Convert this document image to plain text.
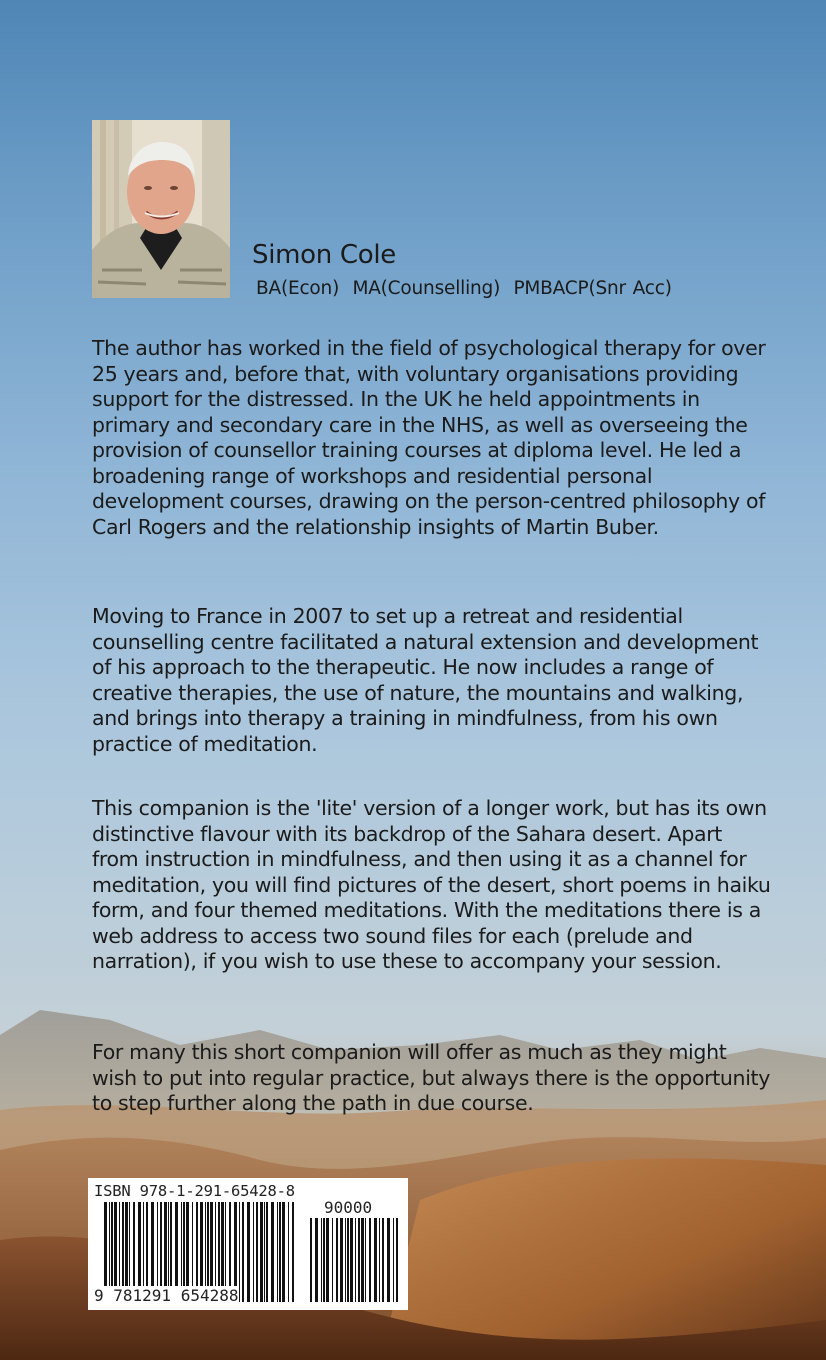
Simon Cole
BA(Econ)  MA(Counselling)  PMBACP(Snr Acc)

The author has worked in the field of psychological therapy for over 25 years and, before that, with voluntary organisations providing support for the distressed. In the UK he held appointments in primary and secondary care in the NHS, as well as overseeing the provision of counsellor training courses at diploma level. He led a broadening range of workshops and residential personal development courses, drawing on the person-centred philosophy of Carl Rogers and the relationship insights of Martin Buber.

Moving to France in 2007 to set up a retreat and residential counselling centre facilitated a natural extension and development of his approach to the therapeutic. He now includes a range of creative therapies, the use of nature, the mountains and walking, and brings into therapy a training in mindfulness, from his own practice of meditation.

This companion is the 'lite' version of a longer work, but has its own distinctive flavour with its backdrop of the Sahara desert. Apart from instruction in mindfulness, and then using it as a channel for meditation, you will find pictures of the desert, short poems in haiku form, and four themed meditations. With the meditations there is a web address to access two sound files for each (prelude and narration), if you wish to use these to accompany your session.

For many this short companion will offer as much as they might wish to put into regular practice, but always there is the opportunity to step further along the path in due course.

ISBN 978-1-291-65428-8
90000
9 781291 654288
